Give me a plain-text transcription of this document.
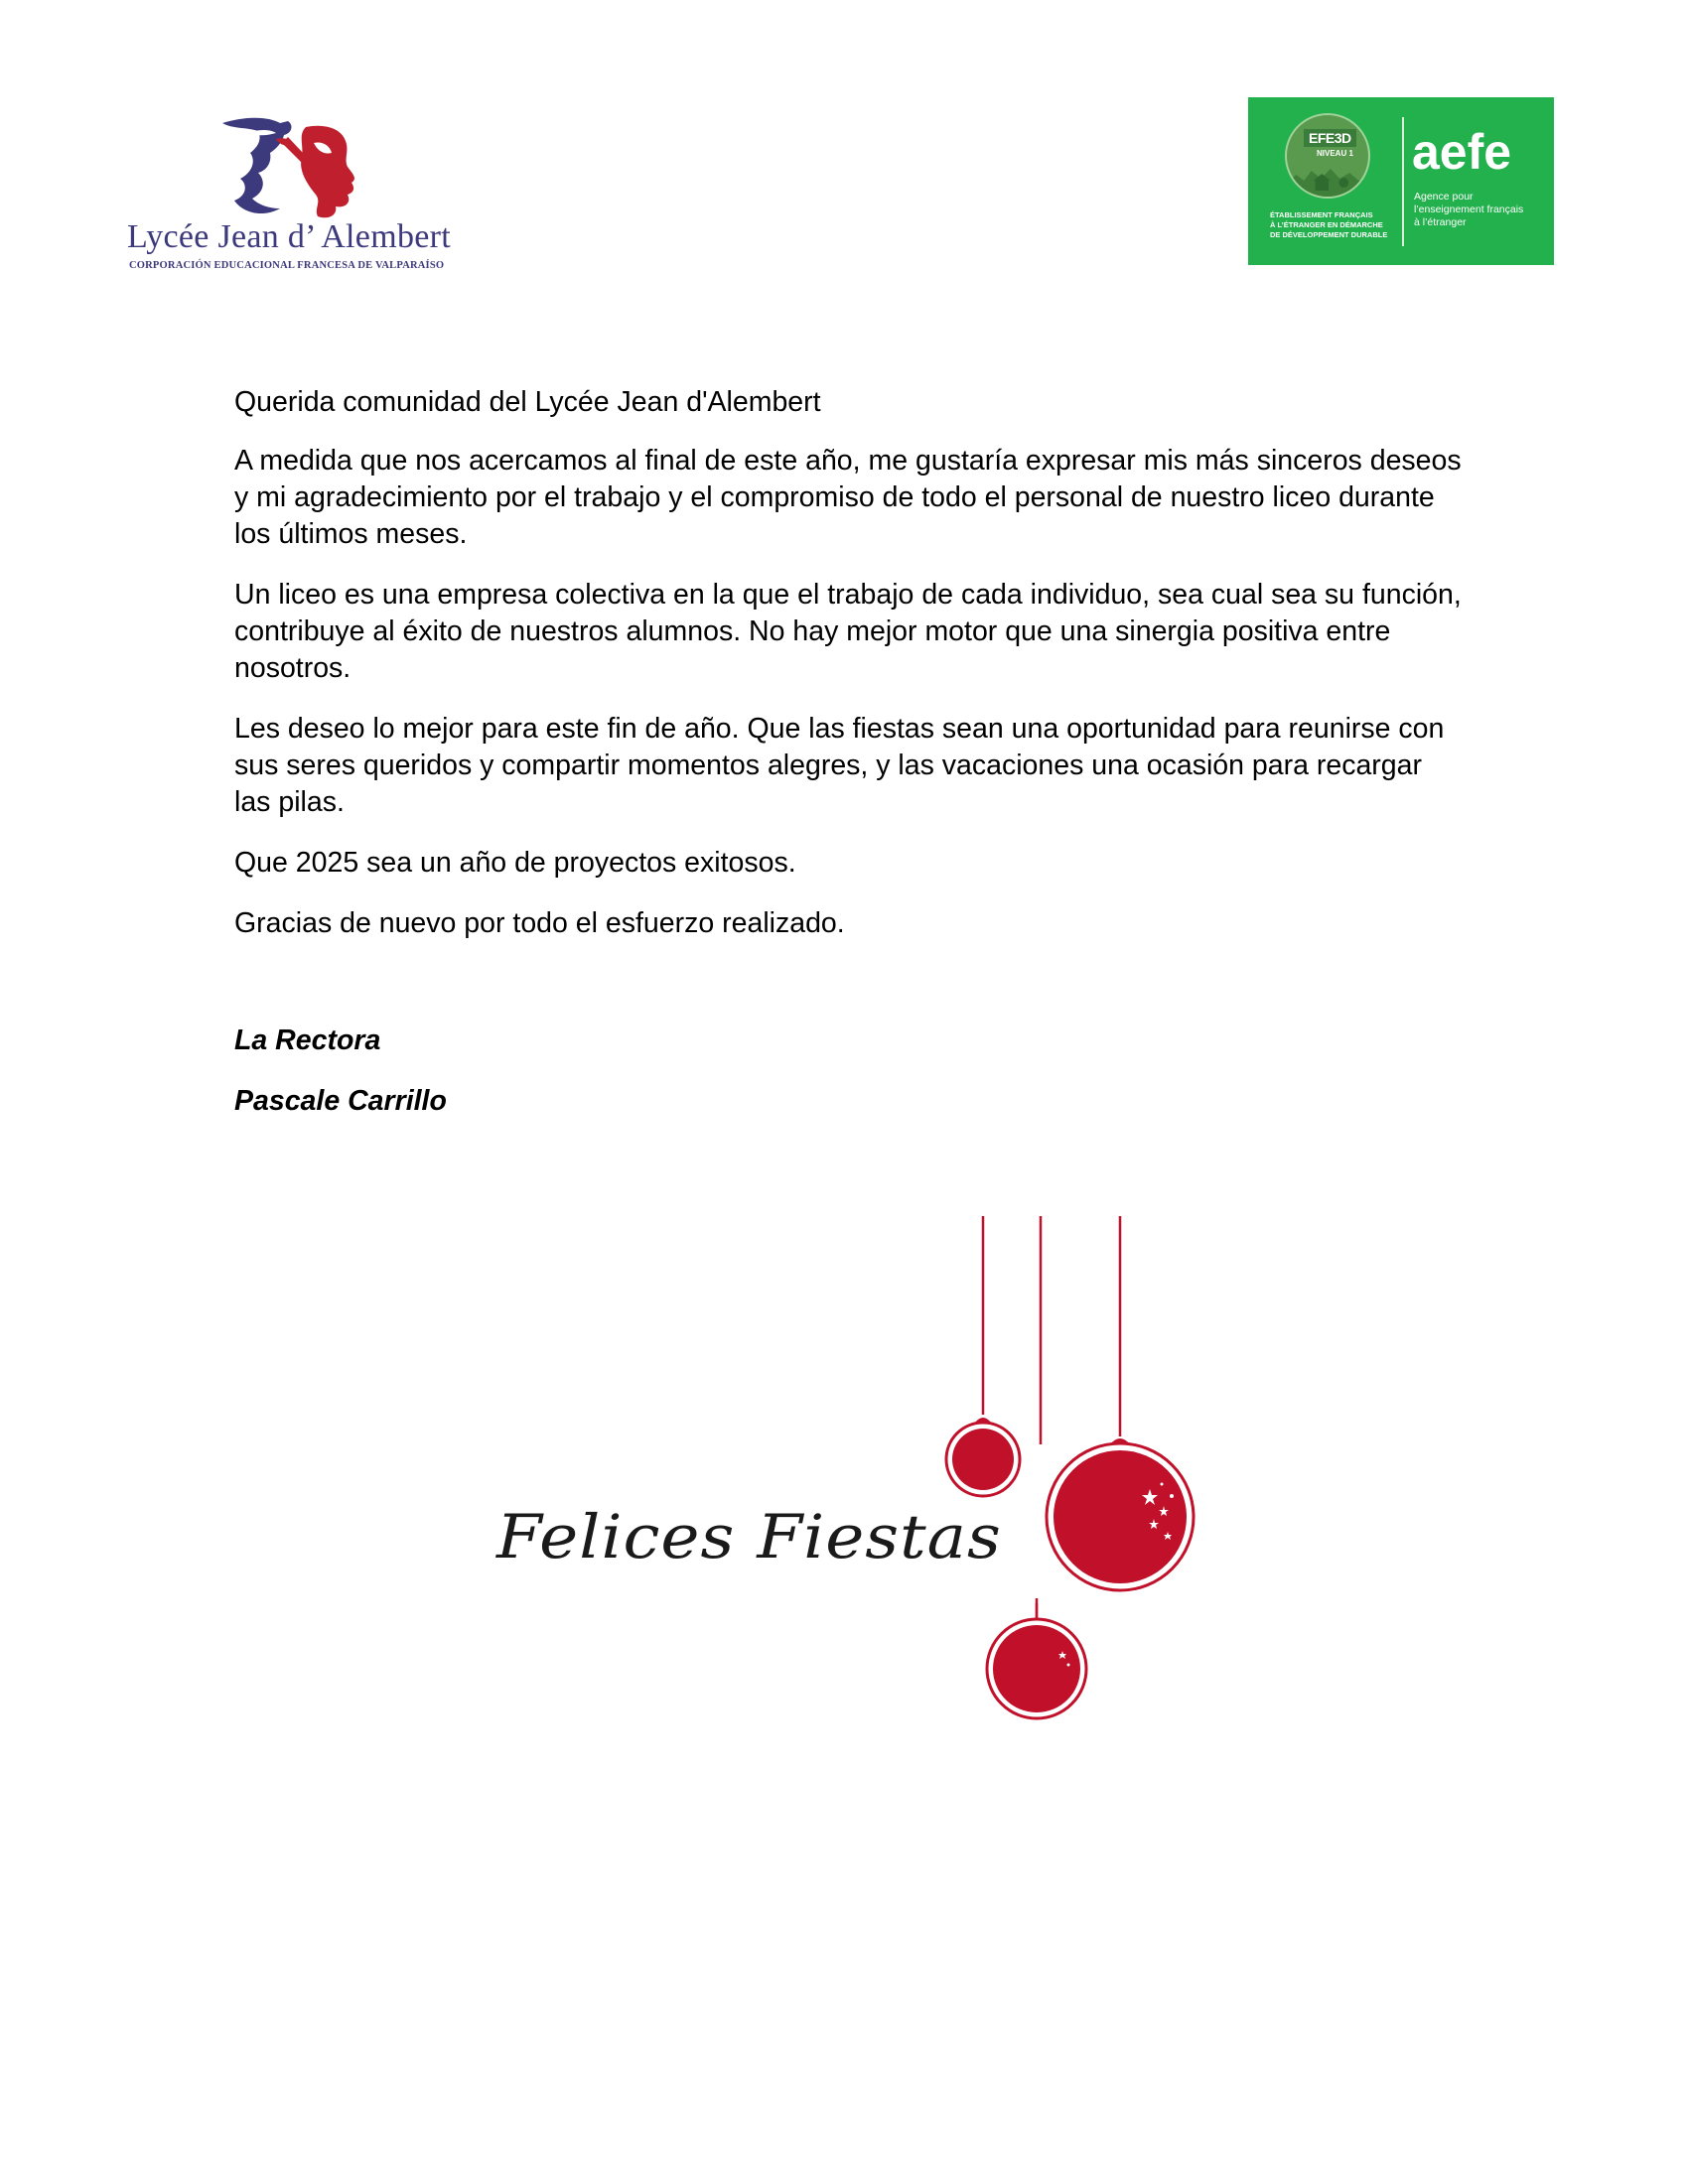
Lycée Jean d’ Alembert
CORPORACIÓN EDUCACIONAL FRANCESA DE VALPARAÍSO
EFE3D
NIVEAU 1
ÉTABLISSEMENT FRANÇAIS
À L’ÉTRANGER EN DÉMARCHE
DE DÉVELOPPEMENT DURABLE
aefe
Agence pour
l’enseignement français
à l’étranger

Querida comunidad del Lycée Jean d'Alembert

A medida que nos acercamos al final de este año, me gustaría expresar mis más sinceros deseos y mi agradecimiento por el trabajo y el compromiso de todo el personal de nuestro liceo durante los últimos meses.

Un liceo es una empresa colectiva en la que el trabajo de cada individuo, sea cual sea su función, contribuye al éxito de nuestros alumnos. No hay mejor motor que una sinergia positiva entre nosotros.

Les deseo lo mejor para este fin de año. Que las fiestas sean una oportunidad para reunirse con sus seres queridos y compartir momentos alegres, y las vacaciones una ocasión para recargar las pilas.

Que 2025 sea un año de proyectos exitosos.

Gracias de nuevo por todo el esfuerzo realizado.

La Rectora

Pascale Carrillo

Felices Fiestas
